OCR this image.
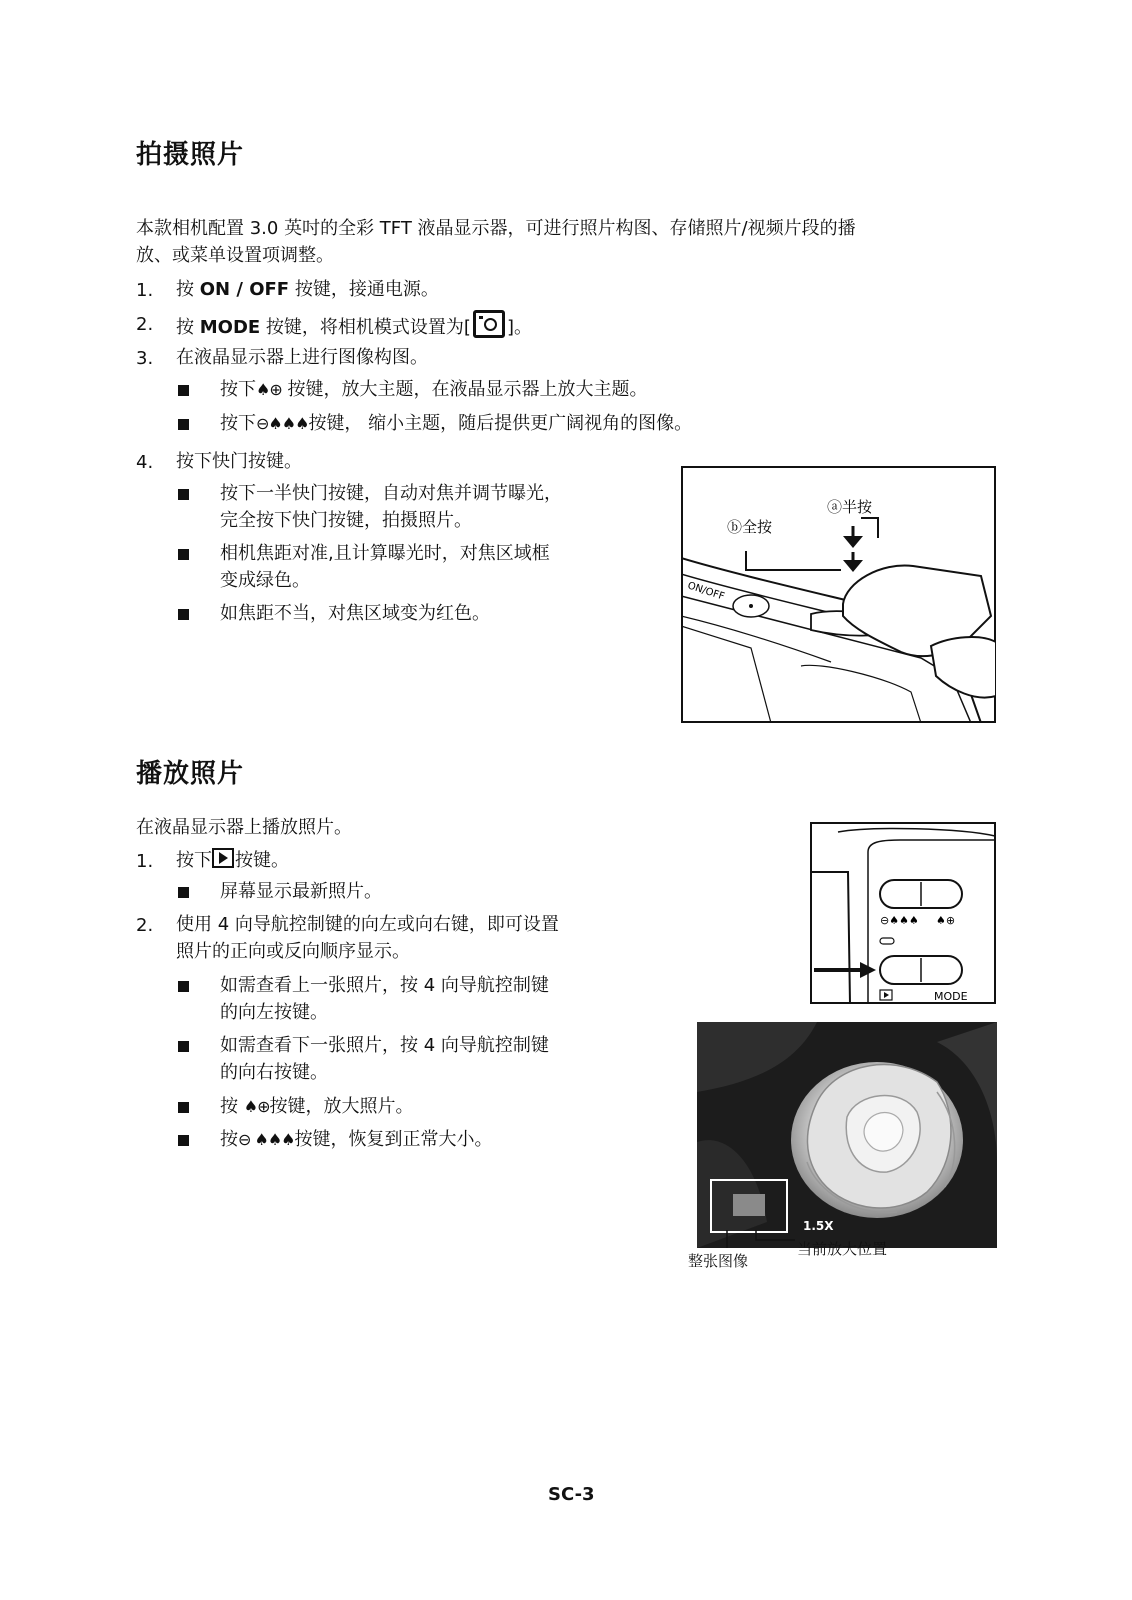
拍摄照片
本款相机配置 3.0 英吋的全彩 TFT 液晶显示器，可进行照片构图、存储照片/视频片段的播
放、或菜单设置项调整。
1. 按 ON / OFF 按键，接通电源。
2. 按 MODE 按键，将相机模式设置为[ ]。
3. 在液晶显示器上进行图像构图。
按下♠⊕ 按键，放大主题，在液晶显示器上放大主题。
按下⊖♠♠♠按键， 缩小主题，随后提供更广阔视角的图像。
4. 按下快门按键。
按下一半快门按键，自动对焦并调节曝光，
完全按下快门按键，拍摄照片。
相机焦距对准,且计算曝光时，对焦区域框
变成绿色。
如焦距不当，对焦区域变为红色。
ON/OFF
ⓐ半按
ⓑ全按
播放照片
在液晶显示器上播放照片。
1. 按下 按键。
屏幕显示最新照片。
2. 使用 4 向导航控制键的向左或向右键，即可设置
照片的正向或反向顺序显示。
如需查看上一张照片，按 4 向导航控制键
的向左按键。
如需查看下一张照片，按 4 向导航控制键
的向右按键。
按 ♠⊕按键，放大照片。
按⊖ ♠♠♠按键，恢复到正常大小。
⊖♠♠♠ ♠⊕
MODE
1.5X
整张图像
当前放大位置
SC-3
